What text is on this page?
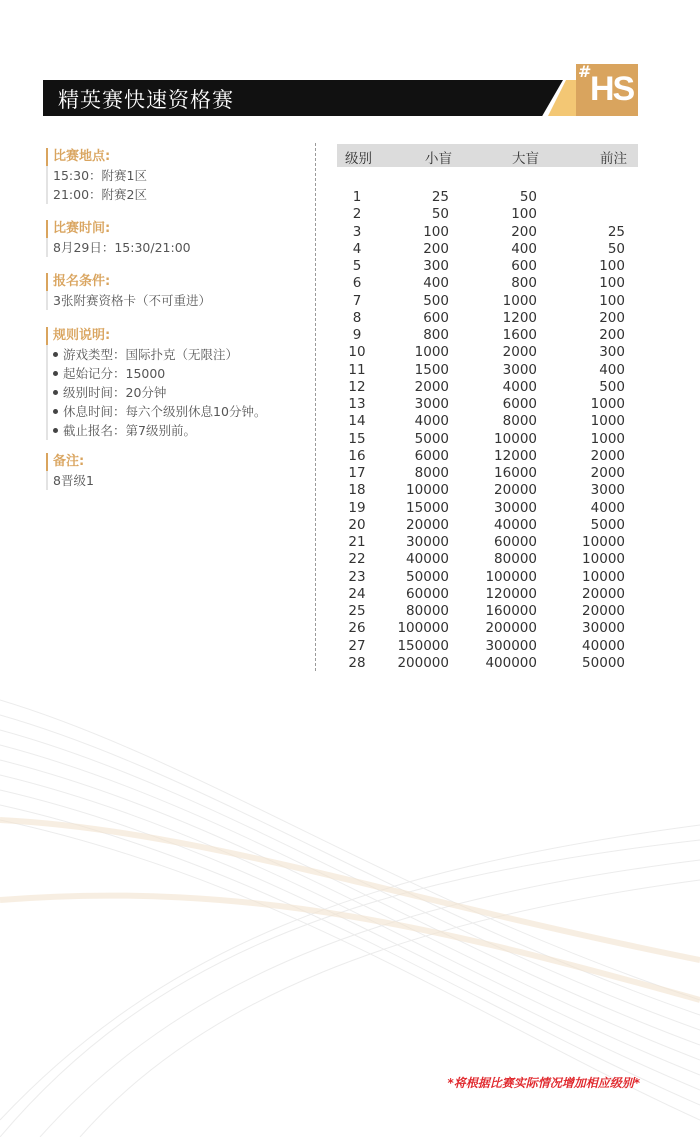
精英赛快速资格赛
#
HS
比赛地点:
15:30：附赛1区
21:00：附赛2区
比赛时间:
8月29日：15:30/21:00
报名条件:
3张附赛资格卡（不可重进）
规则说明:
游戏类型：国际扑克（无限注）
起始记分：15000
级别时间：20分钟
休息时间：每六个级别休息10分钟。
截止报名：第7级别前。
备注:
8晋级1
级别	小盲	大盲	前注
1	25	50
2	50	100
3	100	200	25
4	200	400	50
5	300	600	100
6	400	800	100
7	500	1000	100
8	600	1200	200
9	800	1600	200
10	1000	2000	300
11	1500	3000	400
12	2000	4000	500
13	3000	6000	1000
14	4000	8000	1000
15	5000	10000	1000
16	6000	12000	2000
17	8000	16000	2000
18	10000	20000	3000
19	15000	30000	4000
20	20000	40000	5000
21	30000	60000	10000
22	40000	80000	10000
23	50000	100000	10000
24	60000	120000	20000
25	80000	160000	20000
26	100000	200000	30000
27	150000	300000	40000
28	200000	400000	50000
*将根据比赛实际情况增加相应级别*
